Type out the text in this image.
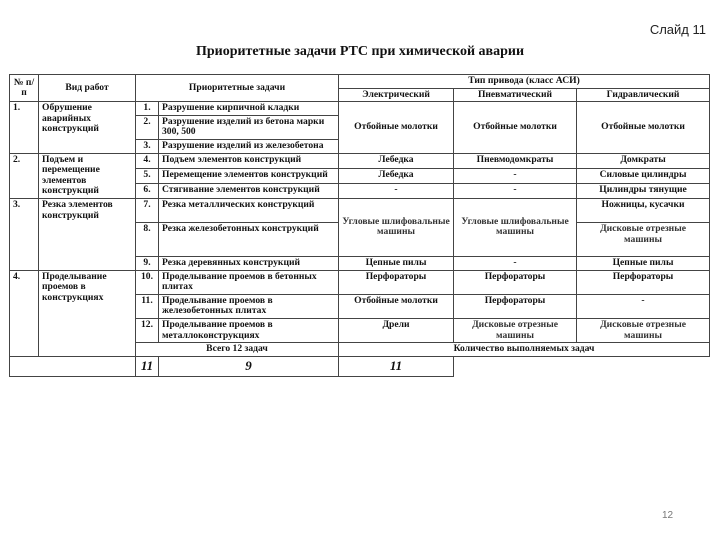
Слайд 11
Приоритетные задачи РТС при химической аварии
№ п/п	Вид работ	Приоритетные задачи		Тип привода (класс АСИ)		
				Электрический	Пневматический	Гидравлический
1.	Обрушение аварийных конструкций	1.	Разрушение кирпичной кладки	Отбойные молотки	Отбойные молотки	Отбойные молотки
		2.	Разрушение изделий из бетона марки 300, 500			
		3.	Разрушение изделий из железобетона			
2.	Подъем и перемещение элементов конструкций	4.	Подъем элементов конструкций	Лебедка	Пневмодомкраты	Домкраты
		5.	Перемещение элементов конструкций	Лебедка	-	Силовые цилиндры
		6.	Стягивание элементов конструкций	-	-	Цилиндры тянущие
3.	Резка элементов конструкций	7.	Резка металлических конструкций	Угловые шлифовальные машины	Угловые шлифовальные машины	Ножницы, кусачки
		8.	Резка железобетонных конструкций			Дисковые отрезные машины
		9.	Резка деревянных конструкций	Цепные пилы	-	Цепные пилы
4.	Проделывание проемов в конструкциях	10.	Проделывание проемов в бетонных плитах	Перфораторы	Перфораторы	Перфораторы
		11.	Проделывание проемов в железобетонных плитах	Отбойные молотки	Перфораторы	-
		12.	Проделывание проемов в металлоконструкциях	Дрели	Дисковые отрезные машины	Дисковые отрезные машины
		Всего 12 задач		Количество выполняемых задач		
		11	9	11		
12
